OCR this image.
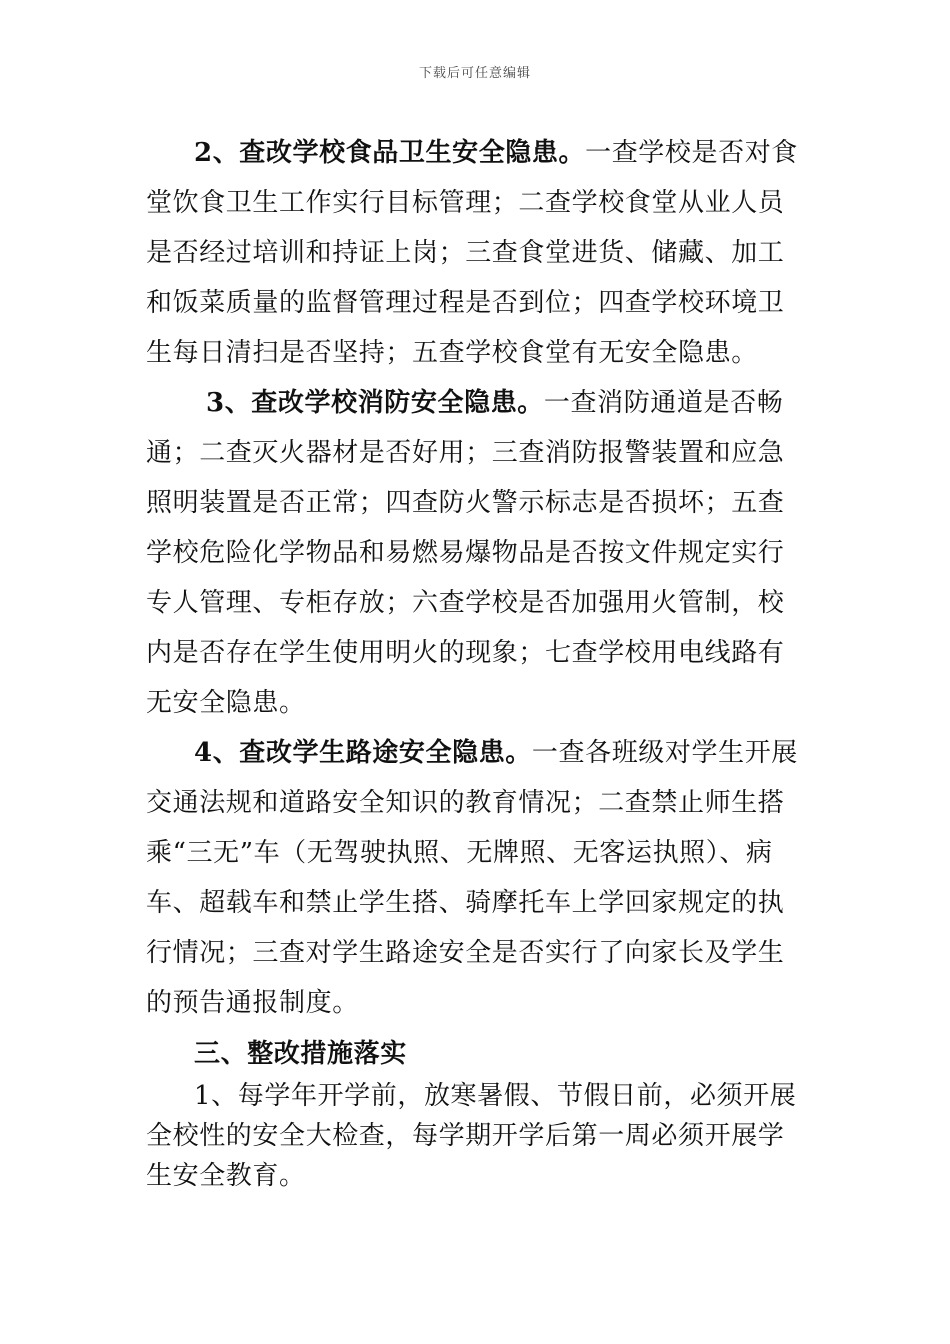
下载后可任意编辑

2、查改学校食品卫生安全隐患。一查学校是否对食堂饮食卫生工作实行目标管理；二查学校食堂从业人员是否经过培训和持证上岗；三查食堂进货、储藏、加工和饭菜质量的监督管理过程是否到位；四查学校环境卫生每日清扫是否坚持；五查学校食堂有无安全隐患。

3、查改学校消防安全隐患。一查消防通道是否畅通；二查灭火器材是否好用；三查消防报警装置和应急照明装置是否正常；四查防火警示标志是否损坏；五查学校危险化学物品和易燃易爆物品是否按文件规定实行专人管理、专柜存放；六查学校是否加强用火管制，校内是否存在学生使用明火的现象；七查学校用电线路有无安全隐患。

4、查改学生路途安全隐患。一查各班级对学生开展交通法规和道路安全知识的教育情况；二查禁止师生搭乘“三无”车（无驾驶执照、无牌照、无客运执照）、病车、超载车和禁止学生搭、骑摩托车上学回家规定的执行情况；三查对学生路途安全是否实行了向家长及学生的预告通报制度。

三、整改措施落实

1、每学年开学前，放寒暑假、节假日前，必须开展全校性的安全大检查，每学期开学后第一周必须开展学生安全教育。
